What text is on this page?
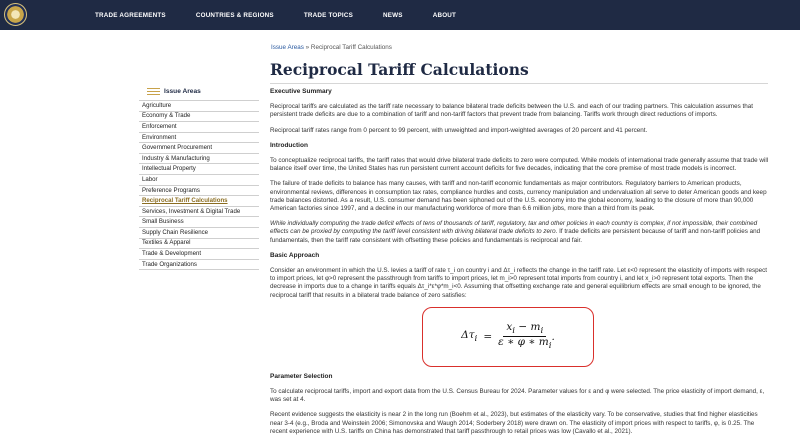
TRADE AGREEMENTS	COUNTRIES & REGIONS	TRADE TOPICS	NEWS	ABOUT
Issue Areas » Reciprocal Tariff Calculations
Reciprocal Tariff Calculations
Issue Areas
Agriculture
Economy & Trade
Enforcement
Environment
Government Procurement
Industry & Manufacturing
Intellectual Property
Labor
Preference Programs
Reciprocal Tariff Calculations
Services, Investment & Digital Trade
Small Business
Supply Chain Resilience
Textiles & Apparel
Trade & Development
Trade Organizations
Executive Summary

Reciprocal tariffs are calculated as the tariff rate necessary to balance bilateral trade deficits between the U.S. and each of our trading partners. This calculation assumes that persistent trade deficits are due to a combination of tariff and non-tariff factors that prevent trade from balancing. Tariffs work through direct reductions of imports.

Reciprocal tariff rates range from 0 percent to 99 percent, with unweighted and import-weighted averages of 20 percent and 41 percent.

Introduction

To conceptualize reciprocal tariffs, the tariff rates that would drive bilateral trade deficits to zero were computed. While models of international trade generally assume that trade will balance itself over time, the United States has run persistent current account deficits for five decades, indicating that the core premise of most trade models is incorrect.

The failure of trade deficits to balance has many causes, with tariff and non-tariff economic fundamentals as major contributors. Regulatory barriers to American products, environmental reviews, differences in consumption tax rates, compliance hurdles and costs, currency manipulation and undervaluation all serve to deter American goods and keep trade balances distorted. As a result, U.S. consumer demand has been siphoned out of the U.S. economy into the global economy, leading to the closure of more than 90,000 American factories since 1997, and a decline in our manufacturing workforce of more than 6.6 million jobs, more than a third from its peak.

While individually computing the trade deficit effects of tens of thousands of tariff, regulatory, tax and other policies in each country is complex, if not impossible, their combined effects can be proxied by computing the tariff level consistent with driving bilateral trade deficits to zero. If trade deficits are persistent because of tariff and non-tariff policies and fundamentals, then the tariff rate consistent with offsetting these policies and fundamentals is reciprocal and fair.

Basic Approach

Consider an environment in which the U.S. levies a tariff of rate τ_i on country i and Δτ_i reflects the change in the tariff rate. Let ε<0 represent the elasticity of imports with respect to import prices, let φ>0 represent the passthrough from tariffs to import prices, let m_i>0 represent total imports from country i, and let x_i>0 represent total exports. Then the decrease in imports due to a change in tariffs equals Δτ_i*ε*φ*m_i<0. Assuming that offsetting exchange rate and general equilibrium effects are small enough to be ignored, the reciprocal tariff that results in a bilateral trade balance of zero satisfies:

$\Delta\tau_i = \frac{x_i - m_i}{\varepsilon ∗ \varphi ∗ m_i}$ .
Parameter Selection

To calculate reciprocal tariffs, import and export data from the U.S. Census Bureau for 2024. Parameter values for ε and φ were selected. The price elasticity of import demand, ε, was set at 4.

Recent evidence suggests the elasticity is near 2 in the long run (Boehm et al., 2023), but estimates of the elasticity vary. To be conservative, studies that find higher elasticities near 3-4 (e.g., Broda and Weinstein 2006; Simonovska and Waugh 2014; Soderbery 2018) were drawn on. The elasticity of import prices with respect to tariffs, φ, is 0.25. The recent experience with U.S. tariffs on China has demonstrated that tariff passthrough to retail prices was low (Cavallo et al., 2021).
